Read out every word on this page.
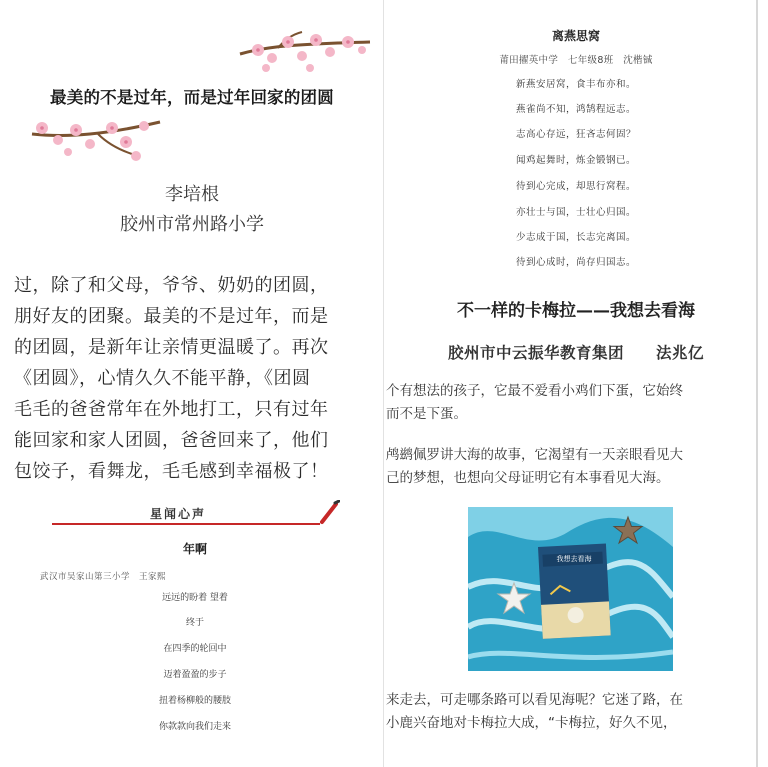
最美的不是过年，而是过年回家的团圆
李培根
胶州市常州路小学
过，除了和父母，爷爷、奶奶的团圆，
朋好友的团聚。最美的不是过年，而是
的团圆，是新年让亲情更温暖了。再次
《团圆》，心情久久不能平静，《团圆
毛毛的爸爸常年在外地打工，只有过年
能回家和家人团圆，爸爸回来了，他们
包饺子，看舞龙，毛毛感到幸福极了！
星闻心声
年啊
武汉市吴家山第三小学　王家熙
远远的盼着 望着
终于
在四季的轮回中
迈着盈盈的步子
扭着杨柳般的腰肢
你款款向我们走来
离燕思窝
莆田擢英中学　七年级8班　沈楷铖
新燕安居窝，食丰布亦和。
燕雀尚不知，鸿鹄程远志。
志高心存远，狂吝志何固？
闻鸡起舞时，炼金锻钢已。
待到心完成，却思行窝程。
亦壮士与国，士壮心归国。
少志成于国，长志完离国。
待到心成时，尚存归国志。
不一样的卡梅拉——我想去看海
胶州市中云振华教育集团　　法兆亿
个有想法的孩子，它最不爱看小鸡们下蛋，它始终
而不是下蛋。
鸬鹚佩罗讲大海的故事，它渴望有一天亲眼看见大
己的梦想，也想向父母证明它有本事看见大海。
我想去看海
来走去，可走哪条路可以看见海呢？它迷了路，在
小鹿兴奋地对卡梅拉大成，“卡梅拉，好久不见，
